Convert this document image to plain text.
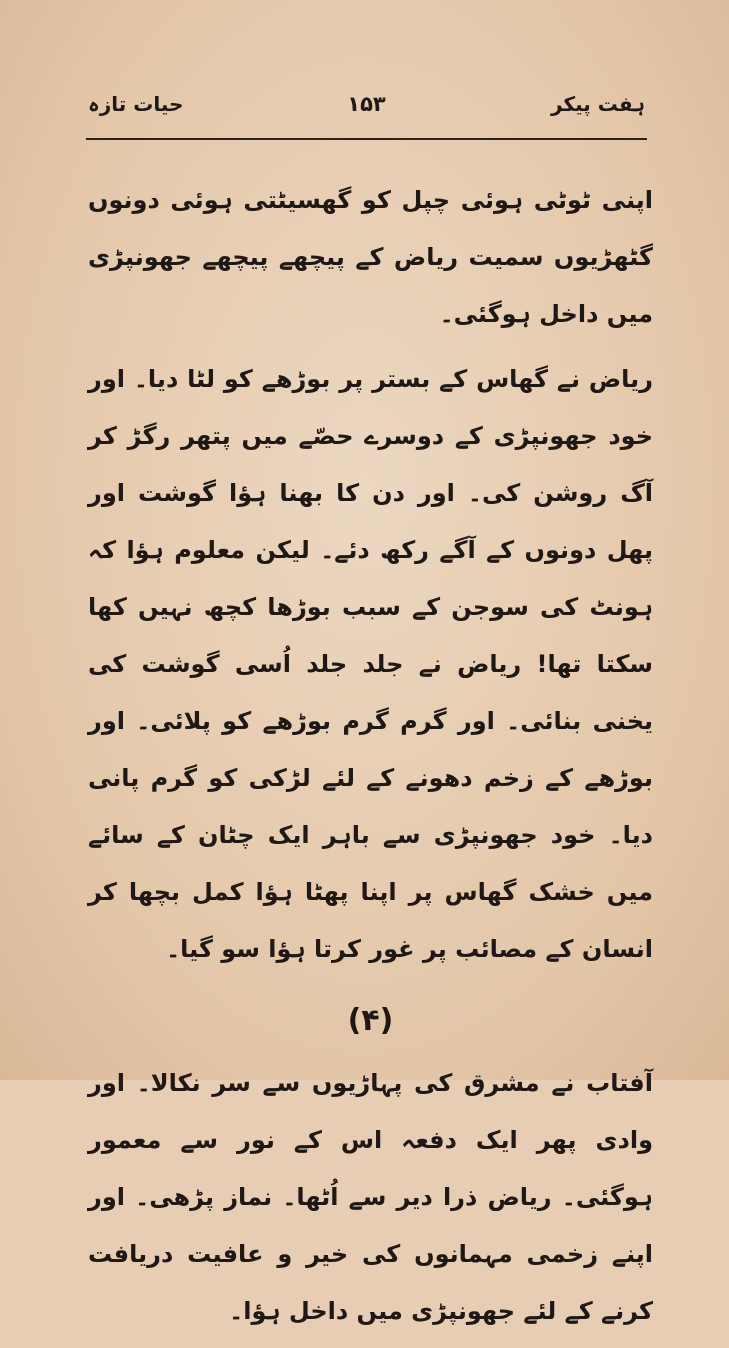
ہفت پیکر
۱۵۳
حیات تازہ

اپنی ٹوٹی ہوئی چپل کو گھسیٹتی ہوئی دونوں گٹھڑیوں سمیت ریاض کے پیچھے پیچھے جھونپڑی میں داخل ہوگئی۔

ریاض نے گھاس کے بستر پر بوڑھے کو لٹا دیا۔ اور خود جھونپڑی کے دوسرے حصّے میں پتھر رگڑ کر آگ روشن کی۔ اور دن کا بھنا ہؤا گوشت اور پھل دونوں کے آگے رکھ دئے۔ لیکن معلوم ہؤا کہ ہونٹ کی سوجن کے سبب بوڑھا کچھ نہیں کھا سکتا تھا! ریاض نے جلد جلد اُسی گوشت کی یخنی بنائی۔ اور گرم گرم بوڑھے کو پلائی۔ اور بوڑھے کے زخم دھونے کے لئے لڑکی کو گرم پانی دیا۔ خود جھونپڑی سے باہر ایک چٹان کے سائے میں خشک گھاس پر اپنا پھٹا ہؤا کمل بچھا کر انسان کے مصائب پر غور کرتا ہؤا سو گیا۔

(۴)

آفتاب نے مشرق کی پہاڑیوں سے سر نکالا۔ اور وادی پھر ایک دفعہ اس کے نور سے معمور ہوگئی۔ ریاض ذرا دیر سے اُٹھا۔ نماز پڑھی۔ اور اپنے زخمی مہمانوں کی خیر و عافیت دریافت کرنے کے لئے جھونپڑی میں داخل ہؤا۔
